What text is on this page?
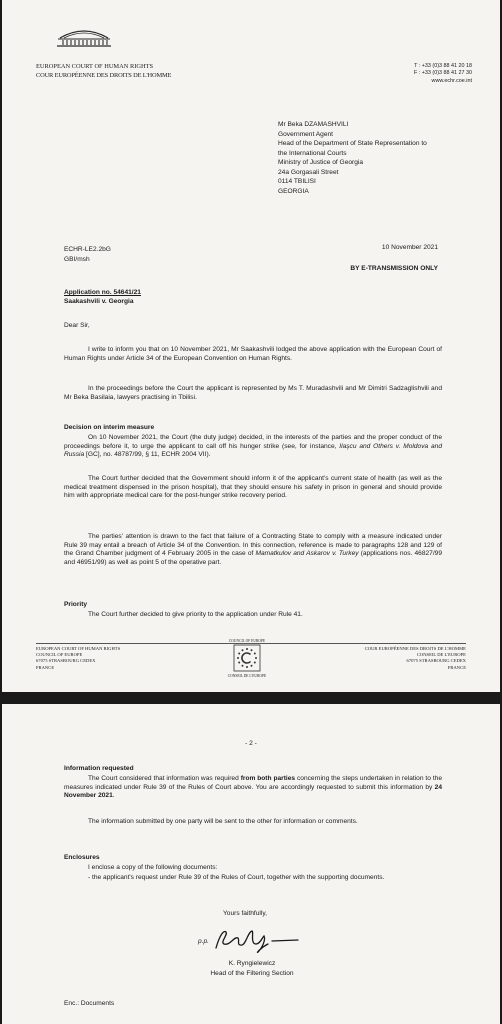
EUROPEAN COURT OF HUMAN RIGHTS
COUR EUROPÉENNE DES DROITS DE L'HOMME
T : +33 (0)3 88 41 20 18
F : +33 (0)3 88 41 27 30
www.echr.coe.int
Mr Beka DZAMASHVILI
Government Agent
Head of the Department of State Representation to
the International Courts
Ministry of Justice of Georgia
24a Gorgasali Street
0114 TBILISI
GEORGIA
ECHR-LE2.2bG
GBI/msh
10 November 2021
BY E-TRANSMISSION ONLY
Application no. 54641/21
Saakashvili v. Georgia
Dear Sir,
I write to inform you that on 10 November 2021, Mr Saakashvili lodged the above application with the European Court of Human Rights under Article 34 of the European Convention on Human Rights.
In the proceedings before the Court the applicant is represented by Ms T. Muradashvili and Mr Dimitri Sadzaglishvili and Mr Beka Basilaia, lawyers practising in Tbilisi.
Decision on interim measure
On 10 November 2021, the Court (the duty judge) decided, in the interests of the parties and the proper conduct of the proceedings before it, to urge the applicant to call off his hunger strike (see, for instance, Ilaşcu and Others v. Moldova and Russia [GC], no. 48787/99, § 11, ECHR 2004 VII).
The Court further decided that the Government should inform it of the applicant's current state of health (as well as the medical treatment dispensed in the prison hospital), that they should ensure his safety in prison in general and should provide him with appropriate medical care for the post-hunger strike recovery period.
The parties' attention is drawn to the fact that failure of a Contracting State to comply with a measure indicated under Rule 39 may entail a breach of Article 34 of the Convention. In this connection, reference is made to paragraphs 128 and 129 of the Grand Chamber judgment of 4 February 2005 in the case of Mamatkulov and Askarov v. Turkey (applications nos. 46827/99 and 46951/99) as well as point 5 of the operative part.
Priority
The Court further decided to give priority to the application under Rule 41.
EUROPEAN COURT OF HUMAN RIGHTS
COUNCIL OF EUROPE
67075 STRASBOURG CEDEX
FRANCE
COUNCIL OF EUROPE
CONSEIL DE L'EUROPE
COUR EUROPÉENNE DES DROITS DE L'HOMME
CONSEIL DE L'EUROPE
67075 STRASBOURG CEDEX
FRANCE
- 2 -
Information requested
The Court considered that information was required from both parties concerning the steps undertaken in relation to the measures indicated under Rule 39 of the Rules of Court above. You are accordingly requested to submit this information by 24 November 2021.
The information submitted by one party will be sent to the other for information or comments.
Enclosures
I enclose a copy of the following documents:
- the applicant's request under Rule 39 of the Rules of Court, together with the supporting documents.
Yours faithfully,
p.p.
K. Ryngielewicz
Head of the Filtering Section
Enc.: Documents
